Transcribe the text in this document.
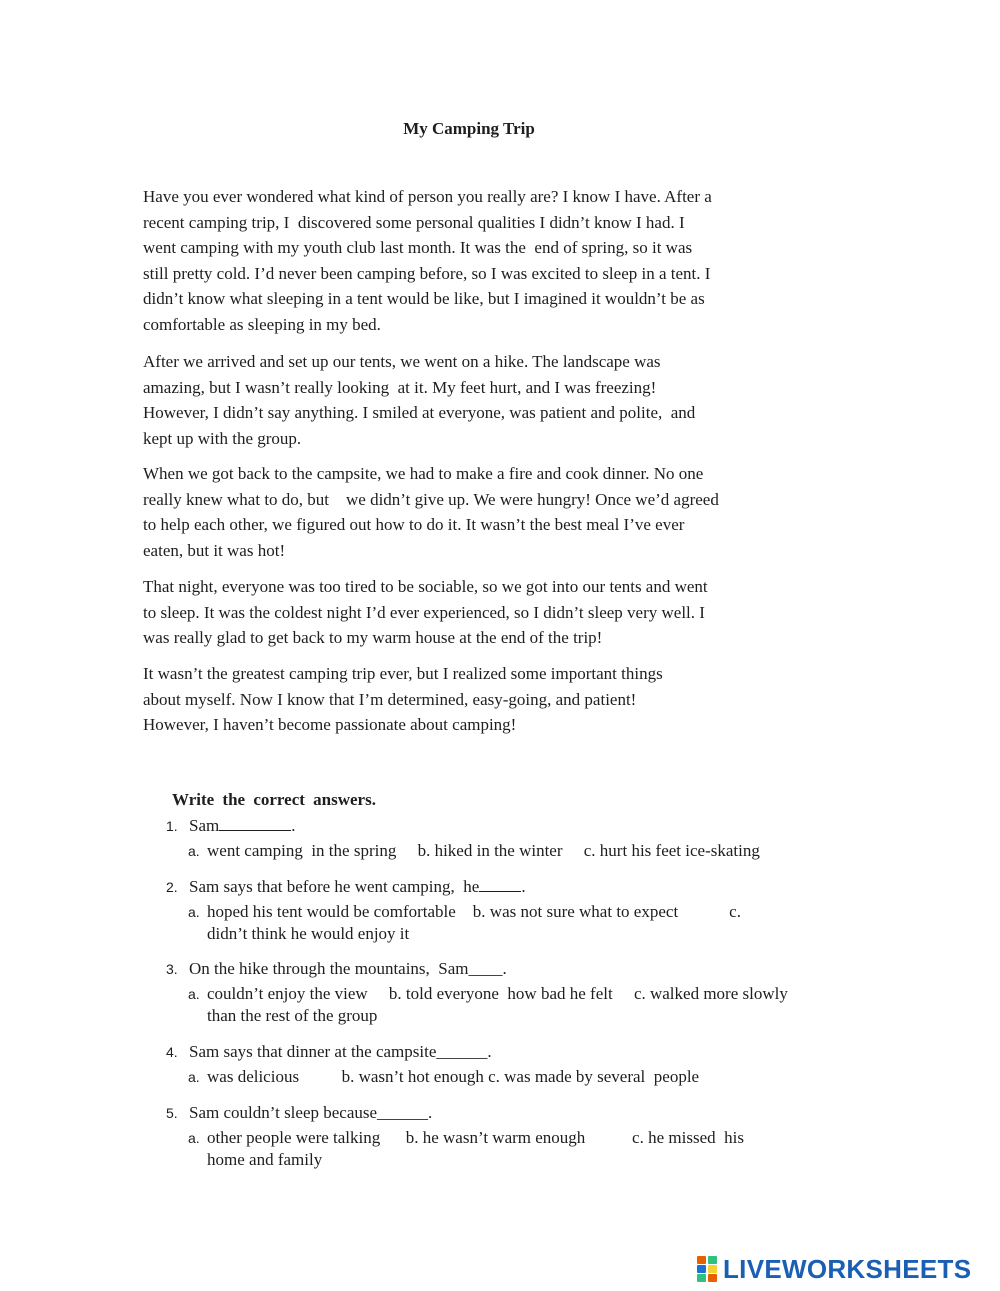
My Camping Trip

Have you ever wondered what kind of person you really are? I know I have. After a
recent camping trip, I  discovered some personal qualities I didn’t know I had. I
went camping with my youth club last month. It was the  end of spring, so it was
still pretty cold. I’d never been camping before, so I was excited to sleep in a tent. I
didn’t know what sleeping in a tent would be like, but I imagined it wouldn’t be as
comfortable as sleeping in my bed.

After we arrived and set up our tents, we went on a hike. The landscape was
amazing, but I wasn’t really looking  at it. My feet hurt, and I was freezing!
However, I didn’t say anything. I smiled at everyone, was patient and polite,  and
kept up with the group.

When we got back to the campsite, we had to make a fire and cook dinner. No one
really knew what to do, but    we didn’t give up. We were hungry! Once we’d agreed
to help each other, we figured out how to do it. It wasn’t the best meal I’ve ever
eaten, but it was hot!

That night, everyone was too tired to be sociable, so we got into our tents and went
to sleep. It was the coldest night I’d ever experienced, so I didn’t sleep very well. I
was really glad to get back to my warm house at the end of the trip!

It wasn’t the greatest camping trip ever, but I realized some important things
about myself. Now I know that I’m determined, easy-going, and patient!
However, I haven’t become passionate about camping!

Write the correct answers.
1. Sam	.
a. went camping  in the spring     b. hiked in the winter     c. hurt his feet ice-skating
2. Sam says that before he went camping,  he .
a. hoped his tent would be comfortable    b. was not sure what to expect            c.
didn’t think he would enjoy it
3. On the hike through the mountains,  Sam____.
a. couldn’t enjoy the view     b. told everyone  how bad he felt     c. walked more slowly
than the rest of the group
4. Sam says that dinner at the campsite______.
a. was delicious          b. wasn’t hot enough c. was made by several  people
5. Sam couldn’t sleep because______.
a. other people were talking      b. he wasn’t warm enough           c. he missed  his
home and family
LIVEWORKSHEETS
